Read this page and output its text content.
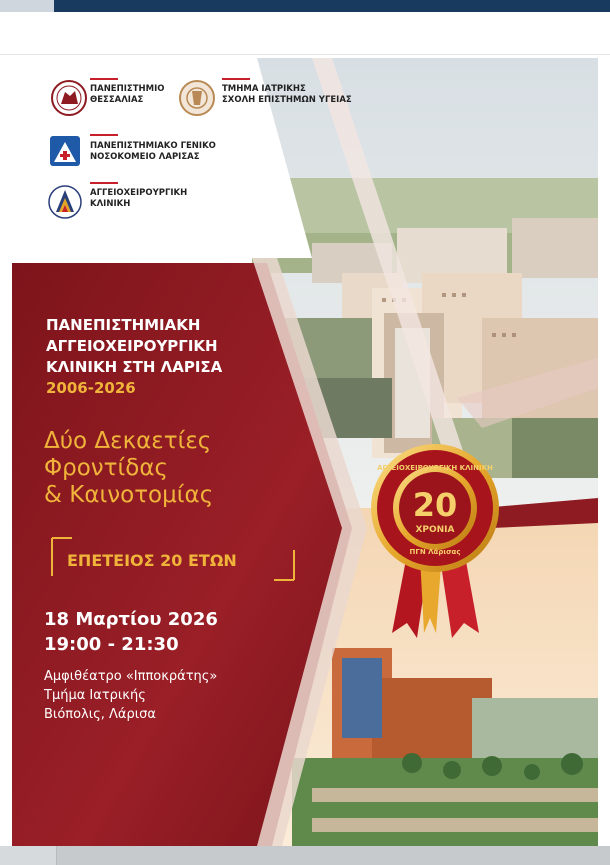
ΠΑΝΕΠΙΣΤΗΜΙΟ
ΘΕΣΣΑΛΙΑΣ
ΤΜΗΜΑ ΙΑΤΡΙΚΗΣ
ΣΧΟΛΗ ΕΠΙΣΤΗΜΩΝ ΥΓΕΙΑΣ
ΠΑΝΕΠΙΣΤΗΜΙΑΚΟ ΓΕΝΙΚΟ
ΝΟΣΟΚΟΜΕΙΟ ΛΑΡΙΣΑΣ
ΑΓΓΕΙΟΧΕΙΡΟΥΡΓΙΚΗ
ΚΛΙΝΙΚΗ
ΠΑΝΕΠΙΣΤΗΜΙΑΚΗ
ΑΓΓΕΙΟΧΕΙΡΟΥΡΓΙΚΗ
ΚΛΙΝΙΚΗ ΣΤΗ ΛΑΡΙΣΑ
2006-2026
Δύο Δεκαετίες
Φροντίδας
& Καινοτομίας
ΕΠΕΤΕΙΟΣ 20 ΕΤΩΝ
18 Μαρτίου 2026
19:00 - 21:30
Αμφιθέατρο «Ιπποκράτης»
Τμήμα Ιατρικής
Βιόπολις, Λάρισα
20
ΧΡΟΝΙΑ
ΑΓΓΕΙΟΧΕΙΡΟΥΡΓΙΚΗ ΚΛΙΝΙΚΗ
ΠΓΝ Λάρισας
